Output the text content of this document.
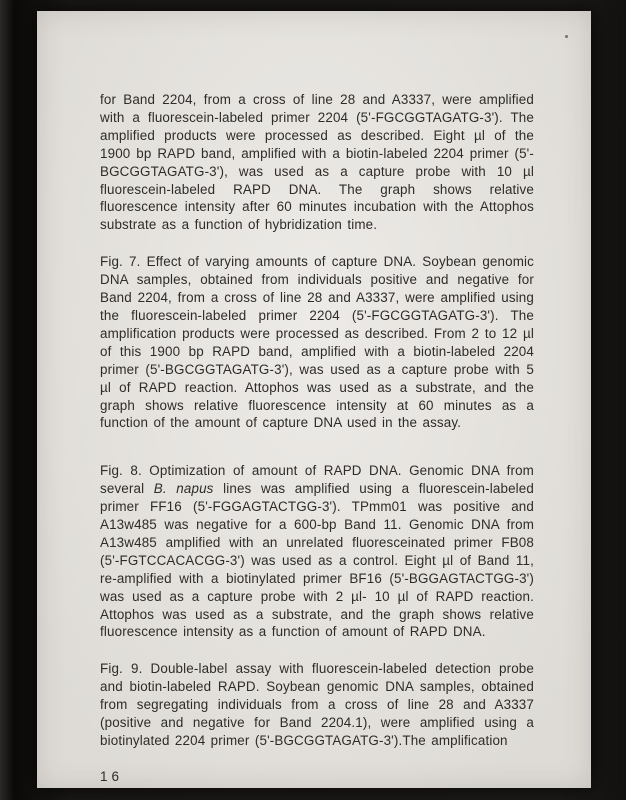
for Band 2204, from a cross of line 28 and A3337, were amplified with a fluorescein-labeled primer 2204 (5'-FGCGGTAGATG-3'). The amplified products were processed as described. Eight µl of the 1900 bp RAPD band, amplified with a biotin-labeled 2204 primer (5'-BGCGGTAGATG-3'), was used as a capture probe with 10 µl fluorescein-labeled RAPD DNA. The graph shows relative fluorescence intensity after 60 minutes incubation with the Attophos substrate as a function of hybridization time.

Fig. 7. Effect of varying amounts of capture DNA. Soybean genomic DNA samples, obtained from individuals positive and negative for Band 2204, from a cross of line 28 and A3337, were amplified using the fluorescein-labeled primer 2204 (5'-FGCGGTAGATG-3'). The amplification products were processed as described. From 2 to 12 µl of this 1900 bp RAPD band, amplified with a biotin-labeled 2204 primer (5'-BGCGGTAGATG-3'), was used as a capture probe with 5 µl of RAPD reaction. Attophos was used as a substrate, and the graph shows relative fluorescence intensity at 60 minutes as a function of the amount of capture DNA used in the assay.

Fig. 8. Optimization of amount of RAPD DNA. Genomic DNA from several B. napus lines was amplified using a fluorescein-labeled primer FF16 (5'-FGGAGTACTGG-3'). TPmm01 was positive and A13w485 was negative for a 600-bp Band 11. Genomic DNA from A13w485 amplified with an unrelated fluoresceinated primer FB08 (5'-FGTCCACACGG-3') was used as a control. Eight µl of Band 11, re-amplified with a biotinylated primer BF16 (5'-BGGAGTACTGG-3') was used as a capture probe with 2 µl- 10 µl of RAPD reaction. Attophos was used as a substrate, and the graph shows relative fluorescence intensity as a function of amount of RAPD DNA.

Fig. 9. Double-label assay with fluorescein-labeled detection probe and biotin-labeled RAPD. Soybean genomic DNA samples, obtained from segregating individuals from a cross of line 28 and A3337 (positive and negative for Band 2204.1), were amplified using a biotinylated 2204 primer (5'-BGCGGTAGATG-3').The amplification

16
